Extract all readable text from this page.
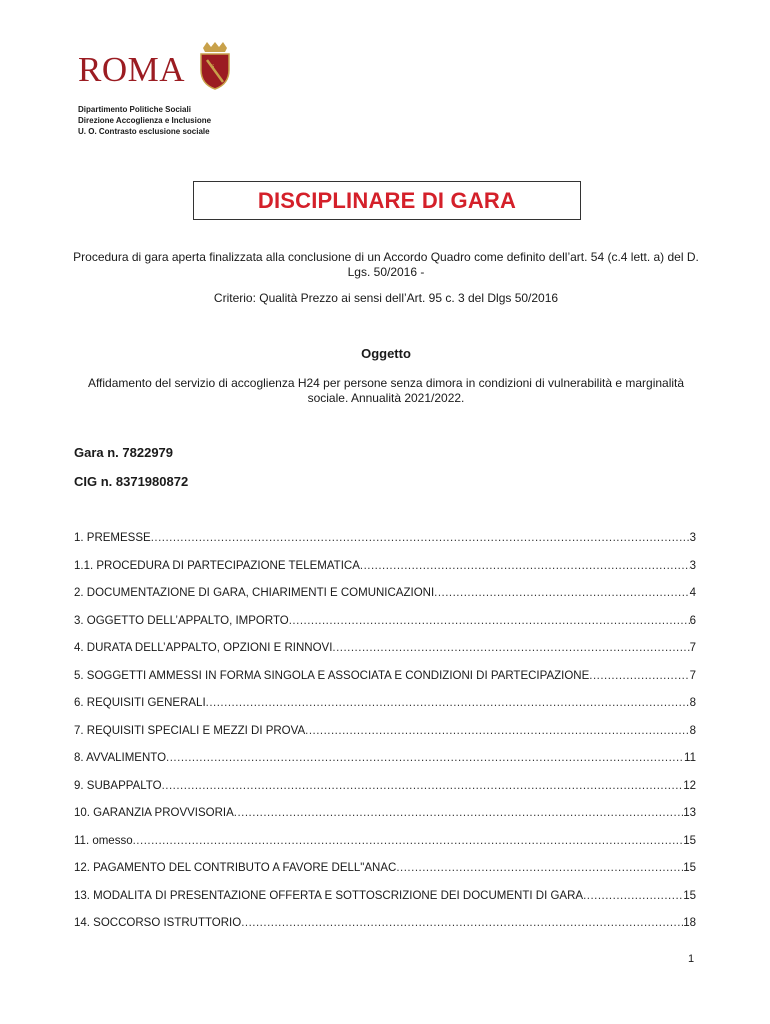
ROMA	S
Dipartimento Politiche Sociali
Direzione Accoglienza e Inclusione
U. O. Contrasto esclusione sociale
DISCIPLINARE DI GARA
Procedura di gara aperta finalizzata alla conclusione di un Accordo Quadro come definito dell’art. 54 (c.4 lett. a) del D. Lgs. 50/2016 -
Criterio: Qualità Prezzo ai sensi dell’Art. 95 c. 3 del Dlgs 50/2016
Oggetto
Affidamento del servizio di accoglienza H24 per persone senza dimora in condizioni di vulnerabilità e marginalità sociale. Annualità 2021/2022.
Gara n. 7822979
CIG n. 8371980872
1. PREMESSE .....	3
1.1. PROCEDURA DI PARTECIPAZIONE TELEMATICA .....	3
2. DOCUMENTAZIONE DI GARA, CHIARIMENTI E COMUNICAZIONI .....	4
3. OGGETTO DELL’APPALTO, IMPORTO .....	6
4. DURATA DELL’APPALTO, OPZIONI E RINNOVI .....	7
5. SOGGETTI AMMESSI IN FORMA SINGOLA E ASSOCIATA E CONDIZIONI DI PARTECIPAZIONE .....	7
6. REQUISITI GENERALI .....	8
7. REQUISITI SPECIALI E MEZZI DI PROVA .....	8
8. AVVALIMENTO .....	11
9. SUBAPPALTO .....	12
10. GARANZIA PROVVISORIA .....	13
11. omesso .....	15
12. PAGAMENTO DEL CONTRIBUTO A FAVORE DELL"ANAC .....	15
13. MODALITÀ DI PRESENTAZIONE OFFERTA E SOTTOSCRIZIONE DEI DOCUMENTI DI GARA .....	15
14. SOCCORSO ISTRUTTORIO .....	18
1
